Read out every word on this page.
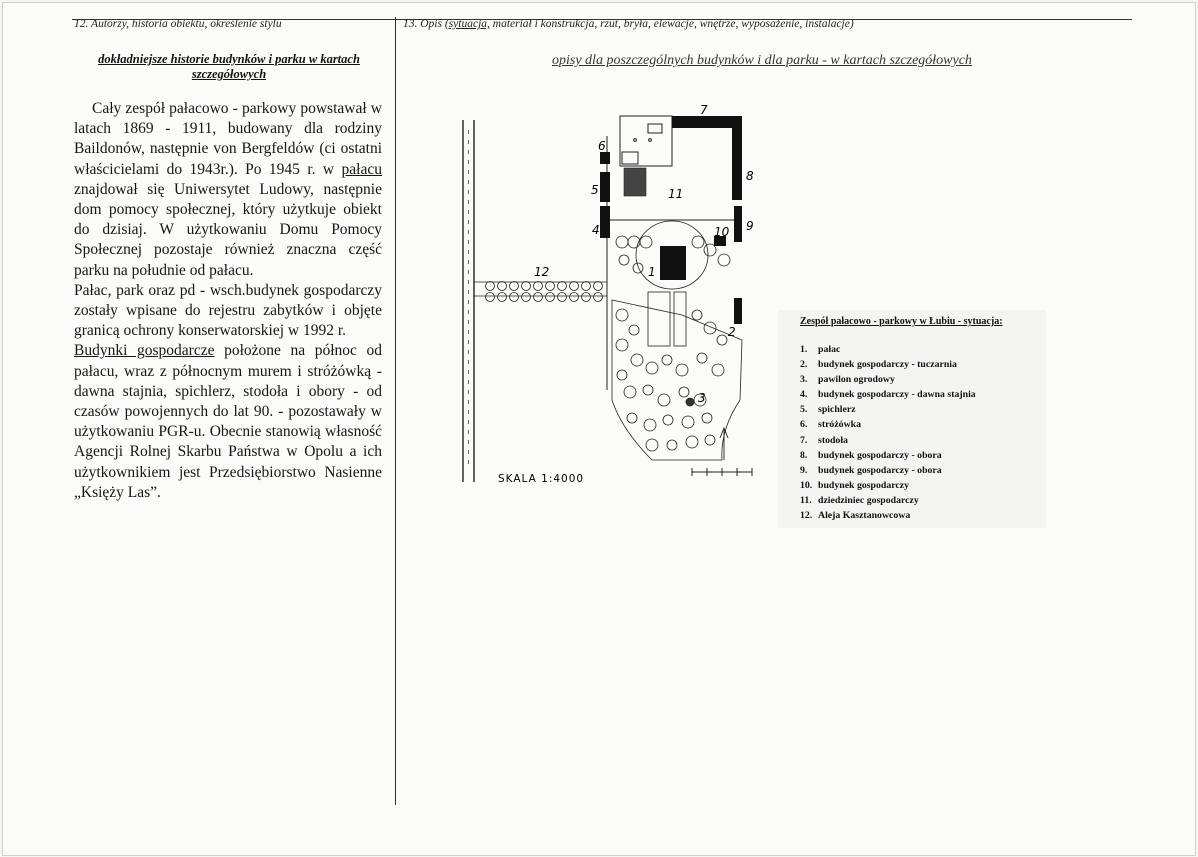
12. Autorzy, historia obiektu, określenie stylu	13. Opis (sytuacja, materiał i konstrukcja, rzut, bryła, elewacje, wnętrze, wyposażenie, instalacje)
dokładniejsze historie budynków i parku w kartach szczegółowych

Cały zespół pałacowo - parkowy powstawał w latach 1869 - 1911, budowany dla rodziny Baildonów, następnie von Bergfeldów (ci ostatni właścicielami do 1943r.). Po 1945 r. w pałacu znajdował się Uniwersytet Ludowy, następnie dom pomocy społecznej, który użytkuje obiekt do dzisiaj. W użytkowaniu Domu Pomocy Społecznej pozostaje również znaczna część parku na południe od pałacu.

Pałac, park oraz pd - wsch.budynek gospodarczy zostały wpisane do rejestru zabytków i objęte granicą ochrony konserwatorskiej w 1992 r.

Budynki gospodarcze położone na północ od pałacu, wraz z północnym murem i stróżówką - dawna stajnia, spichlerz, stodoła i obory - od czasów powojennych do lat 90. - pozostawały w użytkowaniu PGR-u. Obecnie stanowią własność Agencji Rolnej Skarbu Państwa w Opolu a ich użytkownikiem jest Przedsiębiorstwo Nasienne „Księży Las”.

opisy dla poszczególnych budynków i dla parku - w kartach szczegółowych
SKALA 1:4000
1
2
3
4
5
6
7
8
9
10
11
12
Zespół pałacowo - parkowy w Łubiu - sytuacja:
1. pałac
2. budynek gospodarczy - tuczarnia
3. pawilon ogrodowy
4. budynek gospodarczy - dawna stajnia
5. spichlerz
6. stróżówka
7. stodoła
8. budynek gospodarczy - obora
9. budynek gospodarczy - obora
10. budynek gospodarczy
11. dziedziniec gospodarczy
12. Aleja Kasztanowcowa
